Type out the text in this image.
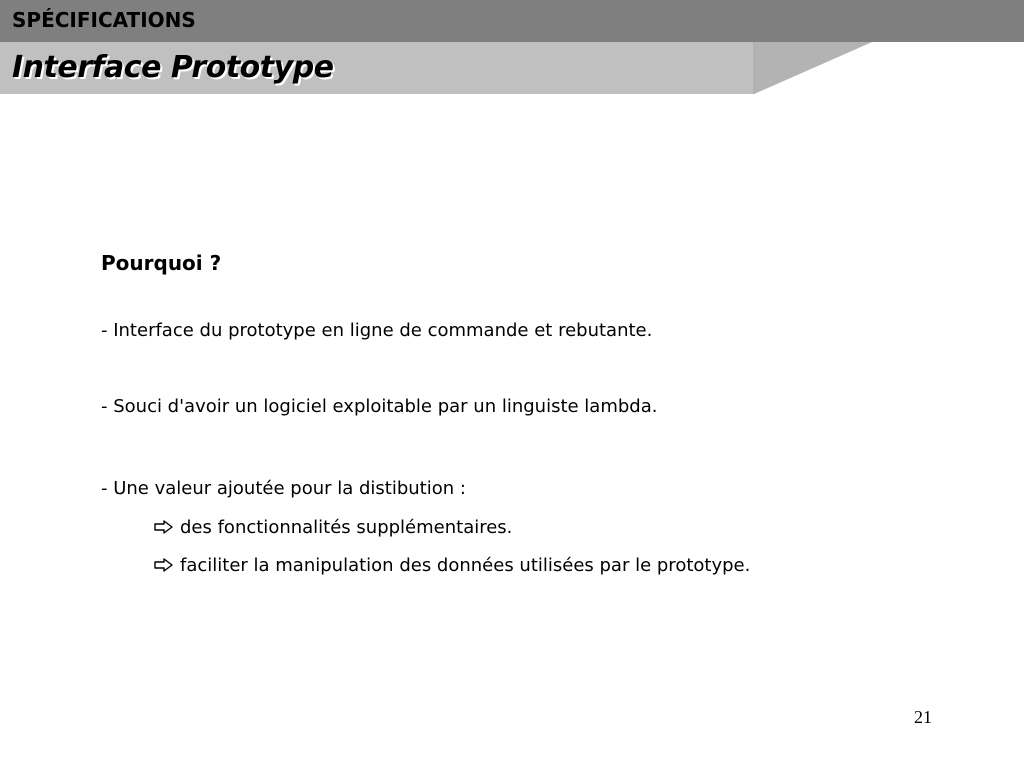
SPÉCIFICATIONS
Interface Prototype
Pourquoi ?
- Interface du prototype en ligne de commande et rebutante.
- Souci d'avoir un logiciel exploitable par un linguiste lambda.
- Une valeur ajoutée pour la distibution :
des fonctionnalités supplémentaires.
faciliter la manipulation des données utilisées par le prototype.
21
